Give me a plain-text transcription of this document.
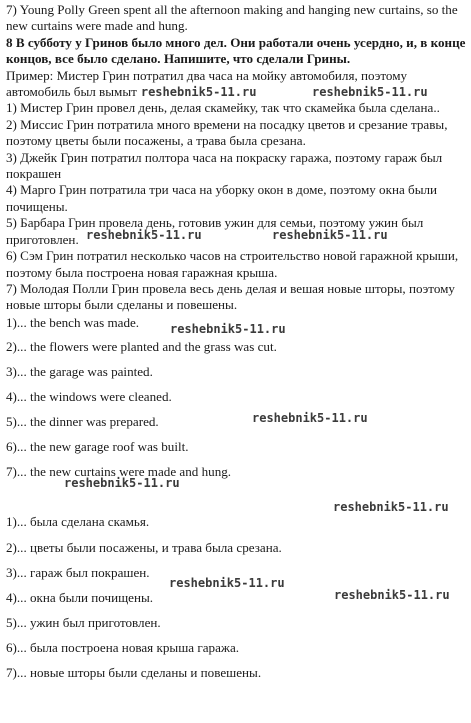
7) Young Polly Green spent all the afternoon making and hanging new curtains, so the new curtains were made and hung.

8 В субботу у Гринов было много дел. Они работали очень усердно, и, в конце концов, все было сделано. Напишите, что сделали Грины.

Пример: Мистер Грин потратил два часа на мойку автомобиля, поэтому автомобиль был вымыт reshebnik5-11.ru

1) Мистер Грин провел день, делая скамейку, так что скамейка была сделана..

2) Миссис Грин потратила много времени на посадку цветов и срезание травы, поэтому цветы были посажены, а трава была срезана.

3) Джейк Грин потратил полтора часа на покраску гаража, поэтому гараж был покрашен

4) Марго Грин потратила три часа на уборку окон в доме, поэтому окна были почищены.

5) Барбара Грин провела день, готовив ужин для семьи, поэтому ужин был приготовлен.

6) Сэм Грин потратил несколько часов на строительство новой гаражной крыши, поэтому была построена новая гаражная крыша.

7) Молодая Полли Грин провела весь день делая и вешая новые шторы, поэтому новые шторы были сделаны и повешены.

1)... the bench was made.
2)... the flowers were planted and the grass was cut.
3)... the garage was painted.
4)... the windows were cleaned.
5)... the dinner was prepared.
6)... the new garage roof was built.
7)... the new curtains were made and hung.
1)... была сделана скамья.
2)... цветы были посажены, и трава была срезана.
3)... гараж был покрашен.
4)... окна были почищены.
5)... ужин был приготовлен.
6)... была построена новая крыша гаража.
7)... новые шторы были сделаны и повешены.
reshebnik5-11.ru
reshebnik5-11.ru	reshebnik5-11.ru
reshebnik5-11.ru
reshebnik5-11.ru
reshebnik5-11.ru
reshebnik5-11.ru
reshebnik5-11.ru
reshebnik5-11.ru
